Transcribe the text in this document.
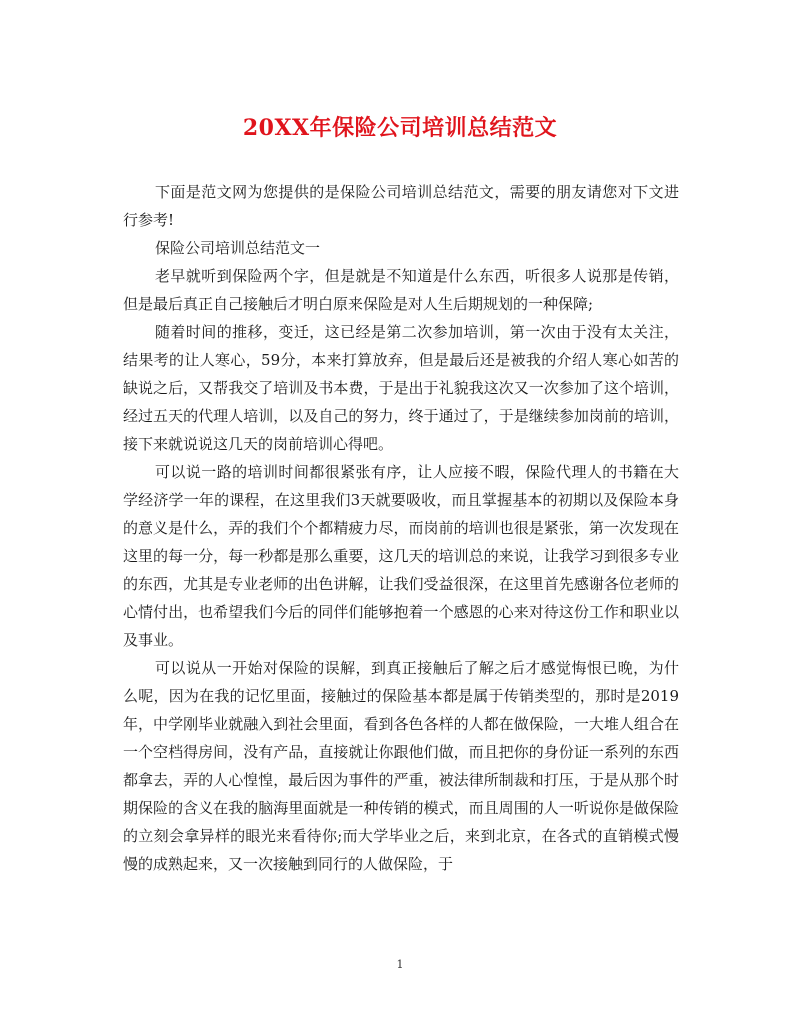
20XX年保险公司培训总结范文

下面是范文网为您提供的是保险公司培训总结范文，需要的朋友请您对下文进行参考!

保险公司培训总结范文一

老早就听到保险两个字，但是就是不知道是什么东西，听很多人说那是传销，但是最后真正自己接触后才明白原来保险是对人生后期规划的一种保障;

随着时间的推移，变迁，这已经是第二次参加培训，第一次由于没有太关注，结果考的让人寒心，59分，本来打算放弃，但是最后还是被我的介绍人寒心如苦的缺说之后，又帮我交了培训及书本费，于是出于礼貌我这次又一次参加了这个培训，经过五天的代理人培训，以及自己的努力，终于通过了，于是继续参加岗前的培训，接下来就说说这几天的岗前培训心得吧。

可以说一路的培训时间都很紧张有序，让人应接不暇，保险代理人的书籍在大学经济学一年的课程，在这里我们3天就要吸收，而且掌握基本的初期以及保险本身的意义是什么，弄的我们个个都精疲力尽，而岗前的培训也很是紧张，第一次发现在这里的每一分，每一秒都是那么重要，这几天的培训总的来说，让我学习到很多专业的东西，尤其是专业老师的出色讲解，让我们受益很深，在这里首先感谢各位老师的心情付出，也希望我们今后的同伴们能够抱着一个感恩的心来对待这份工作和职业以及事业。

可以说从一开始对保险的误解，到真正接触后了解之后才感觉悔恨已晚，为什么呢，因为在我的记忆里面，接触过的保险基本都是属于传销类型的，那时是2019年，中学刚毕业就融入到社会里面，看到各色各样的人都在做保险，一大堆人组合在一个空档得房间，没有产品，直接就让你跟他们做，而且把你的身份证一系列的东西都拿去，弄的人心惶惶，最后因为事件的严重，被法律所制裁和打压，于是从那个时期保险的含义在我的脑海里面就是一种传销的模式，而且周围的人一听说你是做保险的立刻会拿异样的眼光来看待你;而大学毕业之后，来到北京，在各式的直销模式慢慢的成熟起来，又一次接触到同行的人做保险，于

1
